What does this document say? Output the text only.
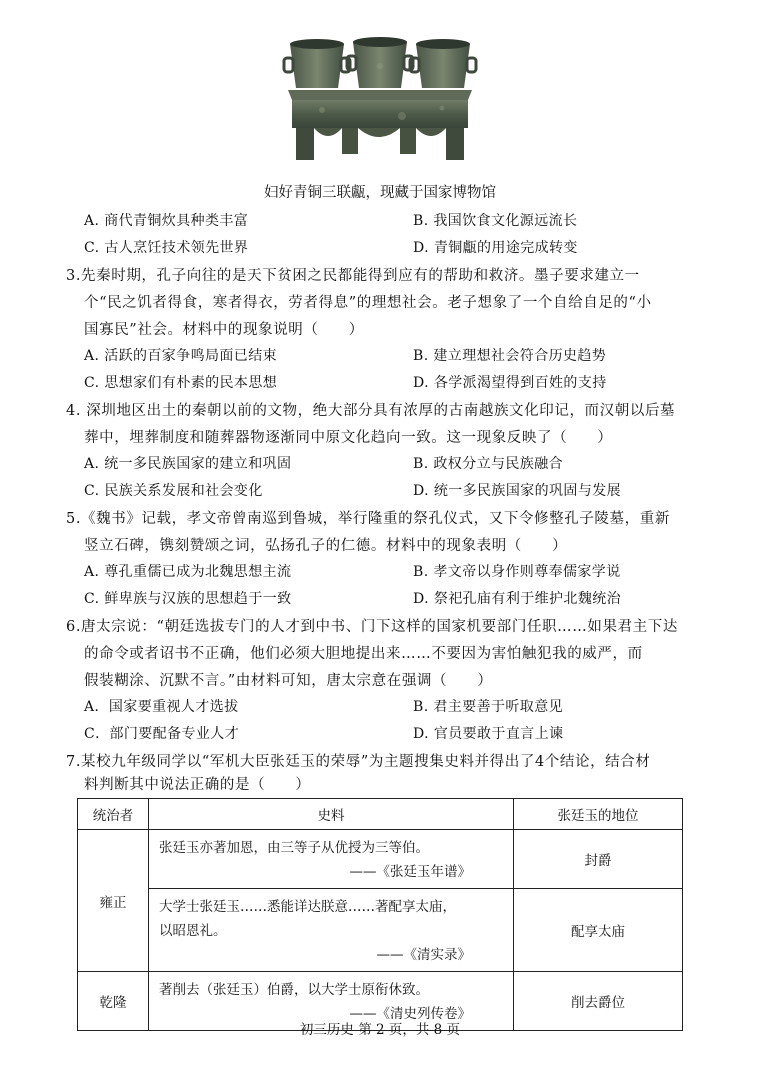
妇好青铜三联甗，现藏于国家博物馆
A. 商代青铜炊具种类丰富	B. 我国饮食文化源远流长
C. 古人烹饪技术领先世界	D. 青铜甗的用途完成转变
3.先秦时期，孔子向往的是天下贫困之民都能得到应有的帮助和救济。墨子要求建立一
个“民之饥者得食，寒者得衣，劳者得息”的理想社会。老子想象了一个自给自足的“小
国寡民”社会。材料中的现象说明（　　）
A. 活跃的百家争鸣局面已结束	B. 建立理想社会符合历史趋势
C. 思想家们有朴素的民本思想	D. 各学派渴望得到百姓的支持
4. 深圳地区出土的秦朝以前的文物，绝大部分具有浓厚的古南越族文化印记，而汉朝以后墓
葬中，埋葬制度和随葬器物逐渐同中原文化趋向一致。这一现象反映了（　　）
A. 统一多民族国家的建立和巩固	B. 政权分立与民族融合
C. 民族关系发展和社会变化	D. 统一多民族国家的巩固与发展
5.《魏书》记载，孝文帝曾南巡到鲁城，举行隆重的祭孔仪式，又下令修整孔子陵墓，重新
竖立石碑，镌刻赞颂之词，弘扬孔子的仁德。材料中的现象表明（　　）
A. 尊孔重儒已成为北魏思想主流	B. 孝文帝以身作则尊奉儒家学说
C. 鲜卑族与汉族的思想趋于一致	D. 祭祀孔庙有利于维护北魏统治
6.唐太宗说：“朝廷选拔专门的人才到中书、门下这样的国家机要部门任职……如果君主下达
的命令或者诏书不正确，他们必须大胆地提出来……不要因为害怕触犯我的威严，而
假装糊涂、沉默不言。”由材料可知，唐太宗意在强调（　　）
A．国家要重视人才选拔	B. 君主要善于听取意见
C．部门要配备专业人才	D. 官员要敢于直言上谏
7.某校九年级同学以“军机大臣张廷玉的荣辱”为主题搜集史料并得出了4个结论，结合材
料判断其中说法正确的是（　　）
统治者	史料	张廷玉的地位
雍正	张廷玉亦著加恩，由三等子从优授为三等伯。
——《张廷玉年谱》	封爵

	大学士张廷玉……悉能详达朕意……著配享太庙，
以昭恩礼。
——《清实录》	配享太庙
乾隆	著削去（张廷玉）伯爵，以大学士原衔休致。
——《清史列传卷》	削去爵位
初三历史 第 2 页，共 8 页
